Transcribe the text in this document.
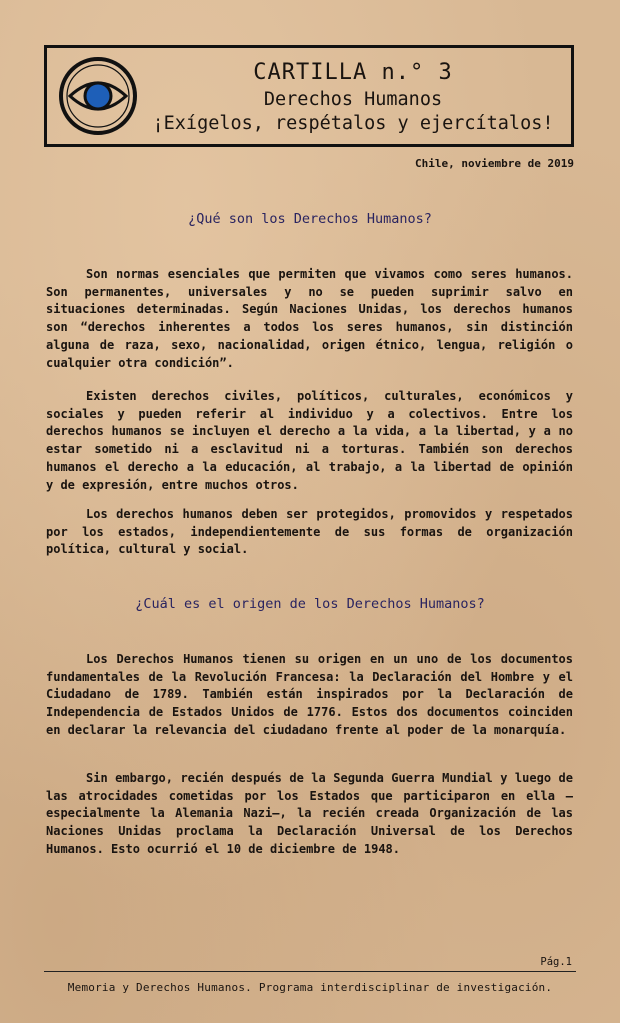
CARTILLA n.° 3
Derechos Humanos
¡Exígelos, respétalos y ejercítalos!
Chile, noviembre de 2019
¿Qué son los Derechos Humanos?

Son normas esenciales que permiten que vivamos como seres humanos. Son permanentes, universales y no se pueden suprimir salvo en situaciones determinadas. Según Naciones Unidas, los derechos humanos son “derechos inherentes a todos los seres humanos, sin distinción alguna de raza, sexo, nacionalidad, origen étnico, lengua, religión o cualquier otra condición”.

Existen derechos civiles, políticos, culturales, económicos y sociales y pueden referir al individuo y a colectivos. Entre los derechos humanos se incluyen el derecho a la vida, a la libertad, y a no estar sometido ni a esclavitud ni a torturas. También son derechos humanos el derecho a la educación, al trabajo, a la libertad de opinión y de expresión, entre muchos otros.

Los derechos humanos deben ser protegidos, promovidos y respetados por los estados, independientemente de sus formas de organización política, cultural y social.

¿Cuál es el origen de los Derechos Humanos?

Los Derechos Humanos tienen su origen en un uno de los documentos fundamentales de la Revolución Francesa: la Declaración del Hombre y el Ciudadano de 1789. También están inspirados por la Declaración de Independencia de Estados Unidos de 1776. Estos dos documentos coinciden en declarar la relevancia del ciudadano frente al poder de la monarquía.

Sin embargo, recién después de la Segunda Guerra Mundial y luego de las atrocidades cometidas por los Estados que participaron en ella –especialmente la Alemania Nazi–, la recién creada Organización de las Naciones Unidas proclama la Declaración Universal de los Derechos Humanos. Esto ocurrió el 10 de diciembre de 1948.

Pág.1
Memoria y Derechos Humanos. Programa interdisciplinar de investigación.
